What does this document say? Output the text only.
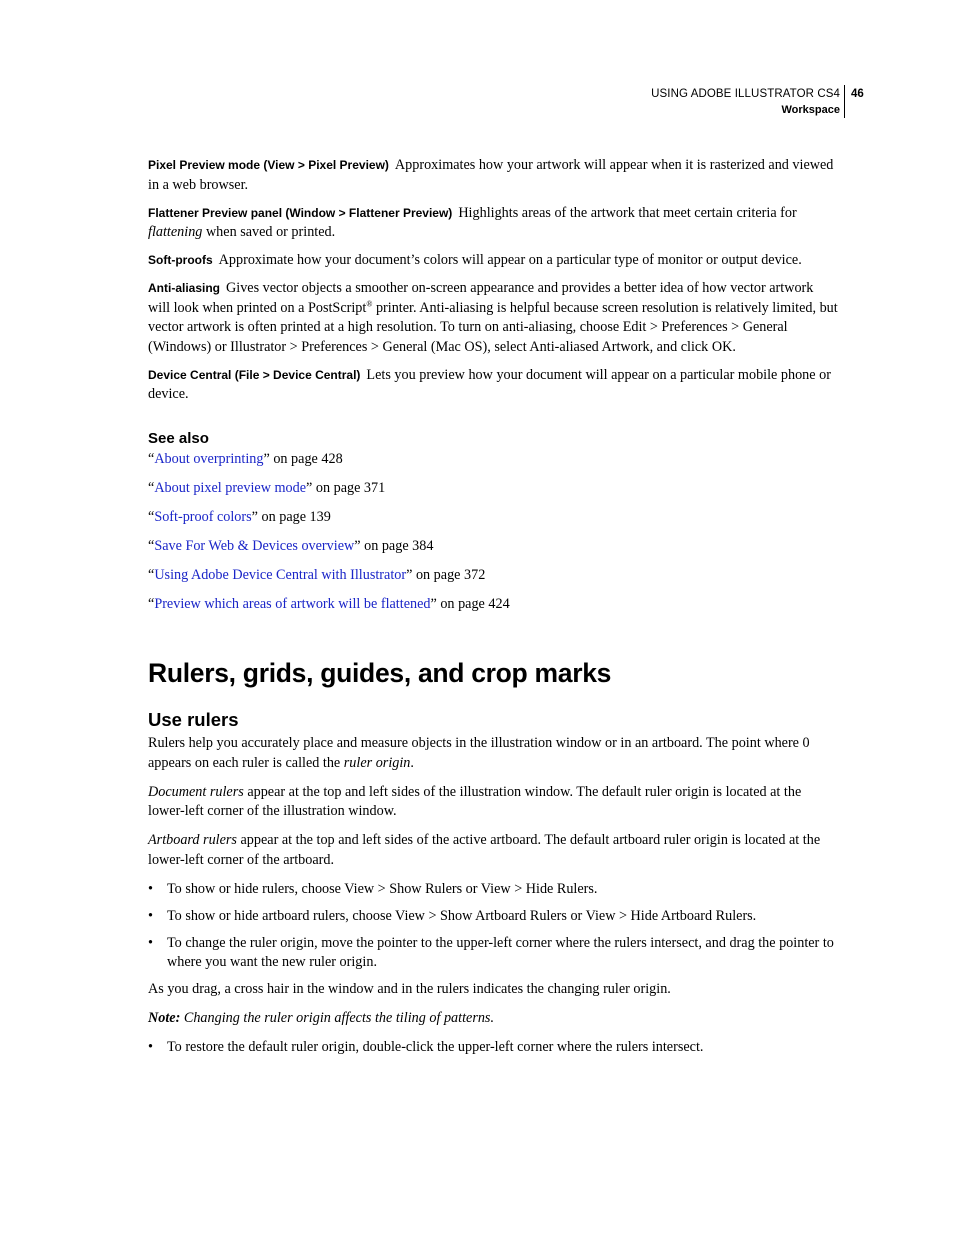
USING ADOBE ILLUSTRATOR CS4
Workspace
46
Pixel Preview mode (View > Pixel Preview) Approximates how your artwork will appear when it is rasterized and viewed in a web browser.
Flattener Preview panel (Window > Flattener Preview) Highlights areas of the artwork that meet certain criteria for flattening when saved or printed.
Soft-proofs Approximate how your document’s colors will appear on a particular type of monitor or output device.
Anti-aliasing Gives vector objects a smoother on-screen appearance and provides a better idea of how vector artwork will look when printed on a PostScript® printer. Anti-aliasing is helpful because screen resolution is relatively limited, but vector artwork is often printed at a high resolution. To turn on anti-aliasing, choose Edit > Preferences > General (Windows) or Illustrator > Preferences > General (Mac OS), select Anti-aliased Artwork, and click OK.
Device Central (File > Device Central) Lets you preview how your document will appear on a particular mobile phone or device.
See also
“About overprinting” on page 428
“About pixel preview mode” on page 371
“Soft-proof colors” on page 139
“Save For Web & Devices overview” on page 384
“Using Adobe Device Central with Illustrator” on page 372
“Preview which areas of artwork will be flattened” on page 424
Rulers, grids, guides, and crop marks
Use rulers

Rulers help you accurately place and measure objects in the illustration window or in an artboard. The point where 0 appears on each ruler is called the ruler origin.

Document rulers appear at the top and left sides of the illustration window. The default ruler origin is located at the lower-left corner of the illustration window.

Artboard rulers appear at the top and left sides of the active artboard. The default artboard ruler origin is located at the lower-left corner of the artboard.

• To show or hide rulers, choose View > Show Rulers or View > Hide Rulers.
• To show or hide artboard rulers, choose View > Show Artboard Rulers or View > Hide Artboard Rulers.
• To change the ruler origin, move the pointer to the upper-left corner where the rulers intersect, and drag the pointer to where you want the new ruler origin.

As you drag, a cross hair in the window and in the rulers indicates the changing ruler origin.

Note: Changing the ruler origin affects the tiling of patterns.

• To restore the default ruler origin, double-click the upper-left corner where the rulers intersect.
